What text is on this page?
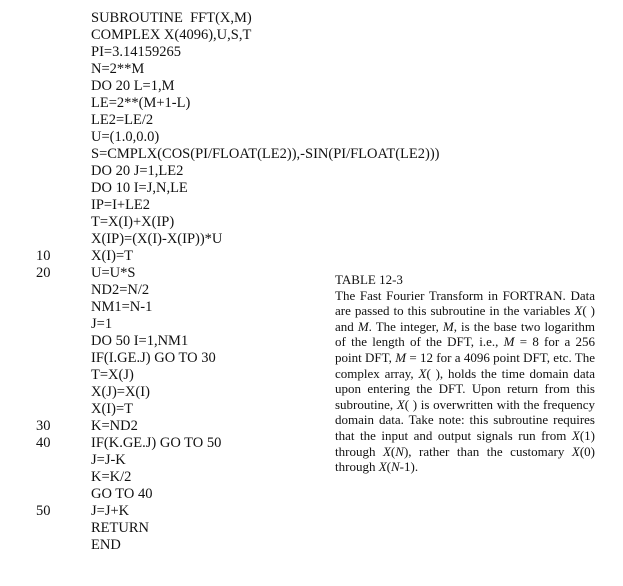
SUBROUTINE  FFT(X,M)
COMPLEX X(4096),U,S,T
PI=3.14159265
N=2**M
DO 20 L=1,M
LE=2**(M+1-L)
LE2=LE/2
U=(1.0,0.0)
S=CMPLX(COS(PI/FLOAT(LE2)),-SIN(PI/FLOAT(LE2)))
DO 20 J=1,LE2
DO 10 I=J,N,LE
IP=I+LE2
T=X(I)+X(IP)
X(IP)=(X(I)-X(IP))*U
10	X(I)=T
20	U=U*S
ND2=N/2
NM1=N-1
J=1
DO 50 I=1,NM1
IF(I.GE.J) GO TO 30
T=X(J)
X(J)=X(I)
X(I)=T
30	K=ND2
40	IF(K.GE.J) GO TO 50
J=J-K
K=K/2
GO TO 40
50	J=J+K
RETURN
END
TABLE 12-3
The Fast Fourier Transform in FORTRAN. Data are passed to this subroutine in the variables X( ) and M. The integer, M, is the base two logarithm of the length of the DFT, i.e., M = 8 for a 256 point DFT, M = 12 for a 4096 point DFT, etc. The complex array, X( ), holds the time domain data upon entering the DFT. Upon return from this subroutine, X( ) is overwritten with the frequency domain data. Take note: this subroutine requires that the input and output signals run from X(1) through X(N), rather than the customary X(0) through X(N-1).
